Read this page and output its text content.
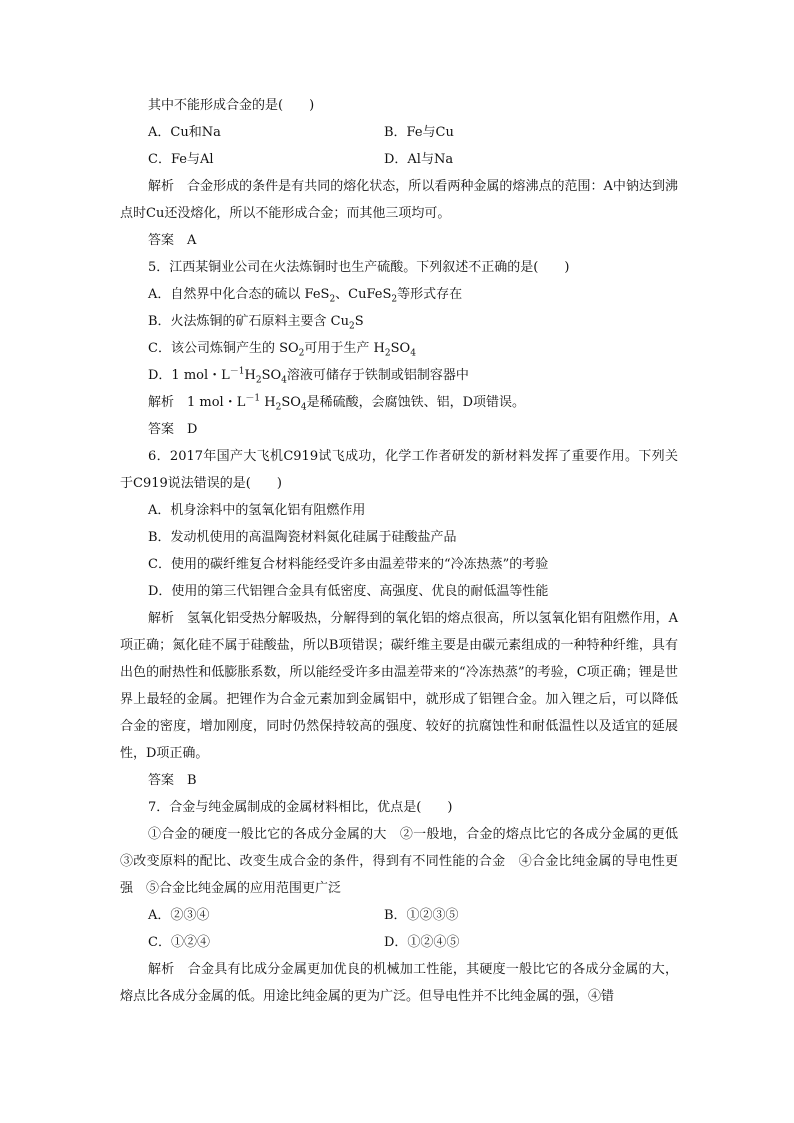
其中不能形成合金的是(　　)
A．Cu和Na	B．Fe与Cu
C．Fe与Al	D．Al与Na

解析　合金形成的条件是有共同的熔化状态，所以看两种金属的熔沸点的范围：A中钠达到沸点时Cu还没熔化，所以不能形成合金；而其他三项均可。

答案　A
5．江西某铜业公司在火法炼铜时也生产硫酸。下列叙述不正确的是(　　)
A．自然界中化合态的硫以 FeS$_2$、CuFeS$_2$等形式存在
B．火法炼铜的矿石原料主要含 $Cu_2S$
C．该公司炼铜产生的 $SO_2$可用于生产 $H_2SO_4$
D．1 mol・$L^{-1}H_2SO_4$溶液可储存于铁制或铝制容器中
解析　1 mol・$L^{-1}$ $H_2SO_4$是稀硫酸，会腐蚀铁、铝，D项错误。
答案　D

6．2017年国产大飞机C919试飞成功，化学工作者研发的新材料发挥了重要作用。下列关于C919说法错误的是(　　)

A．机身涂料中的氢氧化铝有阻燃作用
B．发动机使用的高温陶瓷材料氮化硅属于硅酸盐产品
C．使用的碳纤维复合材料能经受许多由温差带来的“冷冻热蒸”的考验
D．使用的第三代铝锂合金具有低密度、高强度、优良的耐低温等性能

解析　氢氧化铝受热分解吸热，分解得到的氧化铝的熔点很高，所以氢氧化铝有阻燃作用，A项正确；氮化硅不属于硅酸盐，所以B项错误；碳纤维主要是由碳元素组成的一种特种纤维，具有出色的耐热性和低膨胀系数，所以能经受许多由温差带来的“冷冻热蒸”的考验，C项正确；锂是世界上最轻的金属。把锂作为合金元素加到金属铝中，就形成了铝锂合金。加入锂之后，可以降低合金的密度，增加刚度，同时仍然保持较高的强度、较好的抗腐蚀性和耐低温性以及适宜的延展性，D项正确。

答案　B
7．合金与纯金属制成的金属材料相比，优点是(　　)

①合金的硬度一般比它的各成分金属的大　②一般地，合金的熔点比它的各成分金属的更低　③改变原料的配比、改变生成合金的条件，得到有不同性能的合金　④合金比纯金属的导电性更强　⑤合金比纯金属的应用范围更广泛

A．②③④	B．①②③⑤
C．①②④	D．①②④⑤

解析　合金具有比成分金属更加优良的机械加工性能，其硬度一般比它的各成分金属的大，熔点比各成分金属的低。用途比纯金属的更为广泛。但导电性并不比纯金属的强，④错
